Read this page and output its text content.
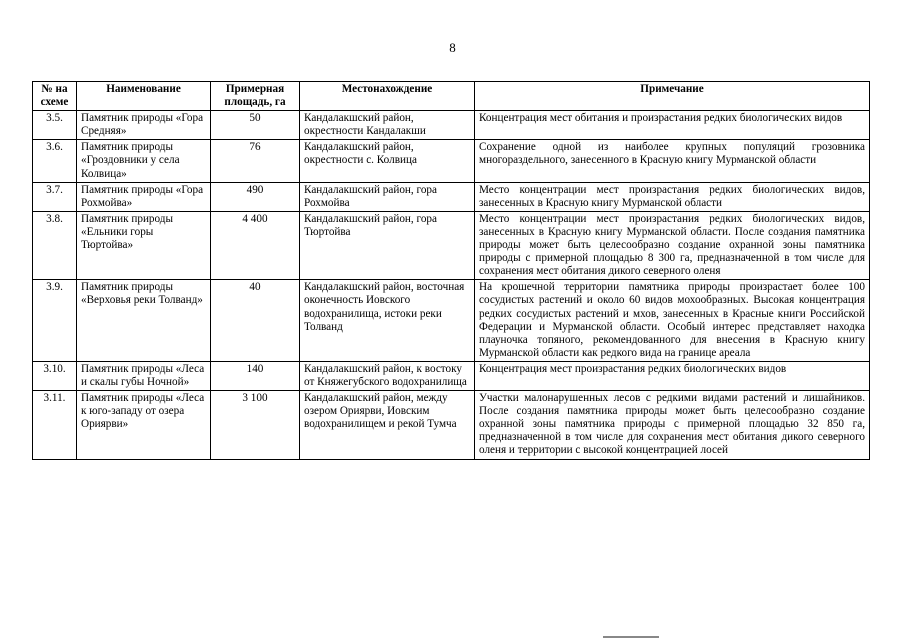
8
№ на схеме	Наименование	Примерная площадь, га	Местонахождение	Примечание
3.5.	Памятник природы «Гора Средняя»	50	Кандалакшский район, окрестности Кандалакши	Концентрация мест обитания и произрастания редких биологических видов
3.6.	Памятник природы «Гроздовники у села Колвица»	76	Кандалакшский район, окрестности с. Колвица	Сохранение одной из наиболее крупных популяций грозовника многораздельного, занесенного в Красную книгу Мурманской области
3.7.	Памятник природы «Гора Рохмойва»	490	Кандалакшский район, гора Рохмойва	Место концентрации мест произрастания редких биологических видов, занесенных в Красную книгу Мурманской области
3.8.	Памятник природы «Ельники горы Тюртойва»	4 400	Кандалакшский район, гора Тюртойва	Место концентрации мест произрастания редких биологических видов, занесенных в Красную книгу Мурманской области. После создания памятника природы может быть целесообразно создание охранной зоны памятника природы с примерной площадью 8 300 га, предназначенной в том числе для сохранения мест обитания дикого северного оленя
3.9.	Памятник природы «Верховья реки Толванд»	40	Кандалакшский район, восточная оконечность Иовского водохранилища, истоки реки Толванд	На крошечной территории памятника природы произрастает более 100 сосудистых растений и около 60 видов мохообразных. Высокая концентрация редких сосудистых растений и мхов, занесенных в Красные книги Российской Федерации и Мурманской области. Особый интерес представляет находка плауночка топяного, рекомендованного для внесения в Красную книгу Мурманской области как редкого вида на границе ареала
3.10.	Памятник природы «Леса и скалы губы Ночной»	140	Кандалакшский район, к востоку от Княжегубского водохранилища	Концентрация мест произрастания редких биологических видов
3.11.	Памятник природы «Леса к юго-западу от озера Ориярви»	3 100	Кандалакшский район, между озером Ориярви, Иовским водохранилищем и рекой Тумча	Участки малонарушенных лесов с редкими видами растений и лишайников. После создания памятника природы может быть целесообразно создание охранной зоны памятника природы с примерной площадью 32 850 га, предназначенной в том числе для сохранения мест обитания дикого северного оленя и территории с высокой концентрацией лосей
